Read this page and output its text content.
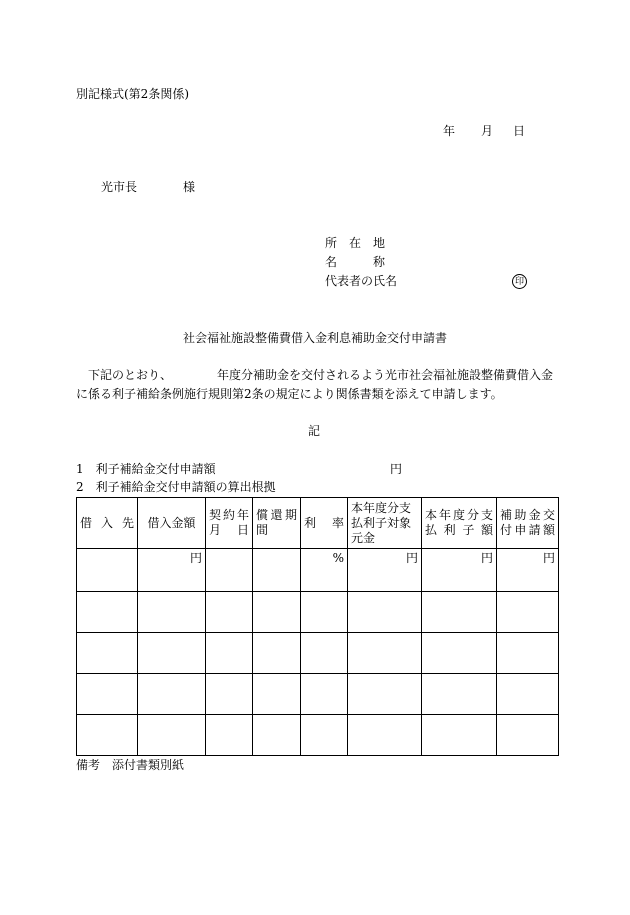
別記様式(第2条関係)
年 月 日
光市長	様
所　在　地
名　　　称
代表者の氏名	印
社会福祉施設整備費借入金利息補助金交付申請書
下記のとおり、	年度分補助金を交付されるよう光市社会福祉施設整備費借入金
に係る利子補給条例施行規則第2条の規定により関係書類を添えて申請します。
記
1　利子補給金交付申請額	円
2　利子補給金交付申請額の算出根拠
借入先	借入金額	契約年月日	償還期間	利率	本年度分支払利子対象元金	本年度分支払利子額	補助金交付申請額
	円			%	円	円	円

備考　添付書類別紙
